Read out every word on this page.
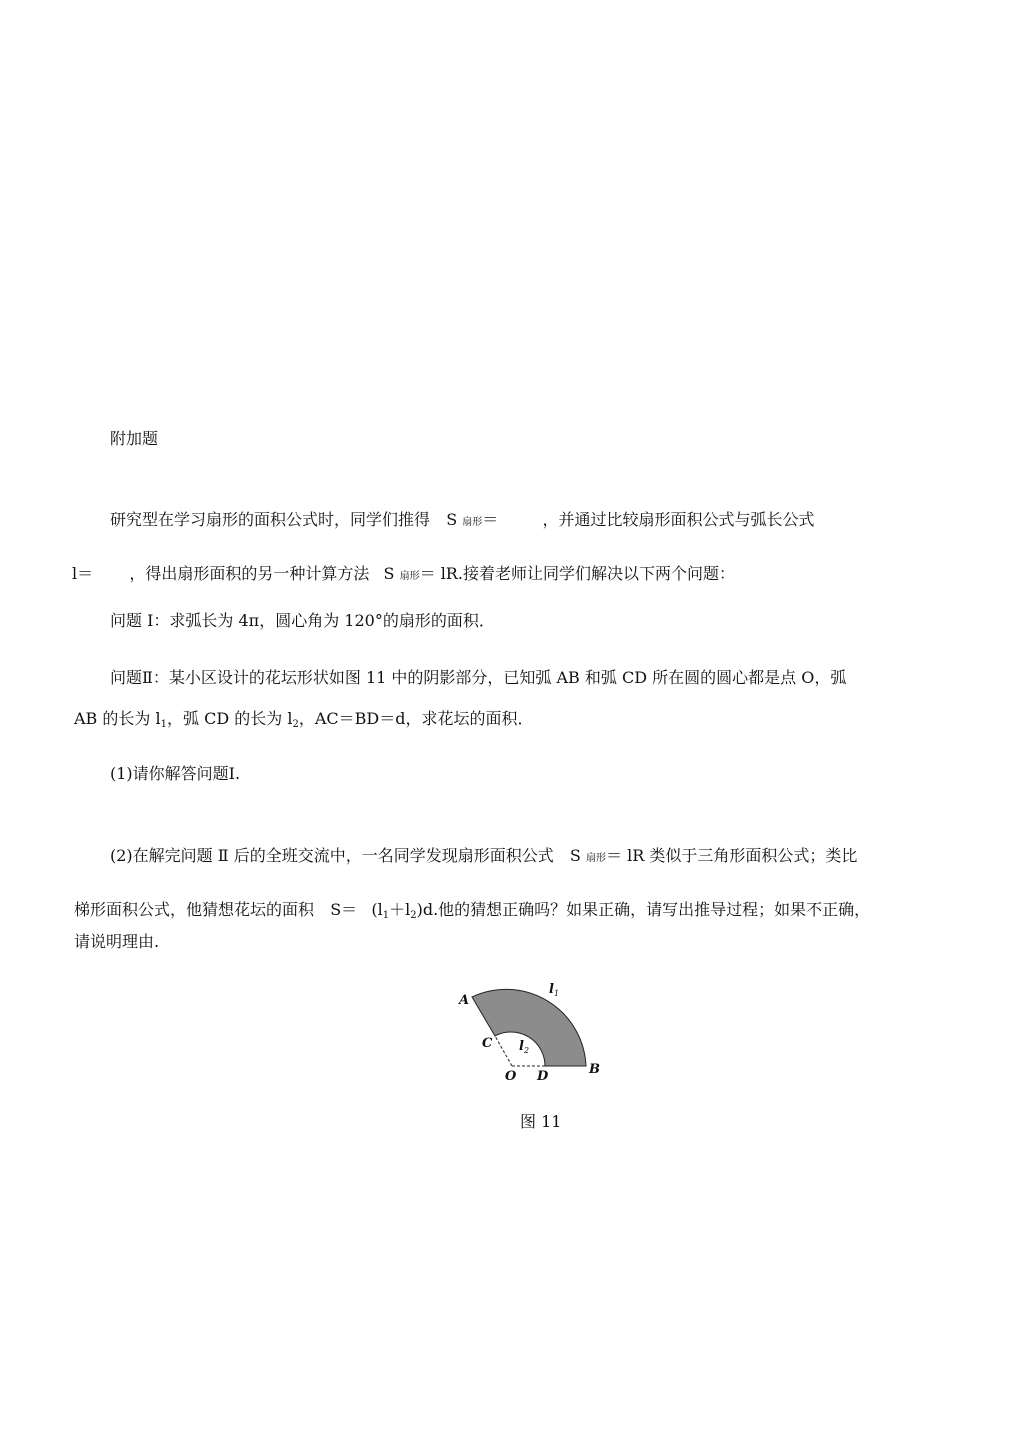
附加题
研究型在学习扇形的面积公式时，同学们推得 S 扇形＝	，并通过比较扇形面积公式与弧长公式
l＝ ，得出扇形面积的另一种计算方法 S 扇形＝ lR.接着老师让同学们解决以下两个问题：
问题 Ⅰ：求弧长为 4π，圆心角为 120°的扇形的面积．
问题Ⅱ：某小区设计的花坛形状如图 11 中的阴影部分，已知弧 AB 和弧 CD 所在圆的圆心都是点 O，弧
AB 的长为 $l_1$，弧 CD 的长为 $l_2$，AC＝BD＝d，求花坛的面积．
(1)请你解答问题Ⅰ.
(2)在解完问题 Ⅱ 后的全班交流中，一名同学发现扇形面积公式 S 扇形＝ lR 类似于三角形面积公式；类比
梯形面积公式，他猜想花坛的面积 $S= (l_1+l_2)d$.他的猜想正确吗？如果正确，请写出推导过程；如果不正确，
请说明理由.
A
B
C
D
O
$l_1$
$l_2$
图 11
